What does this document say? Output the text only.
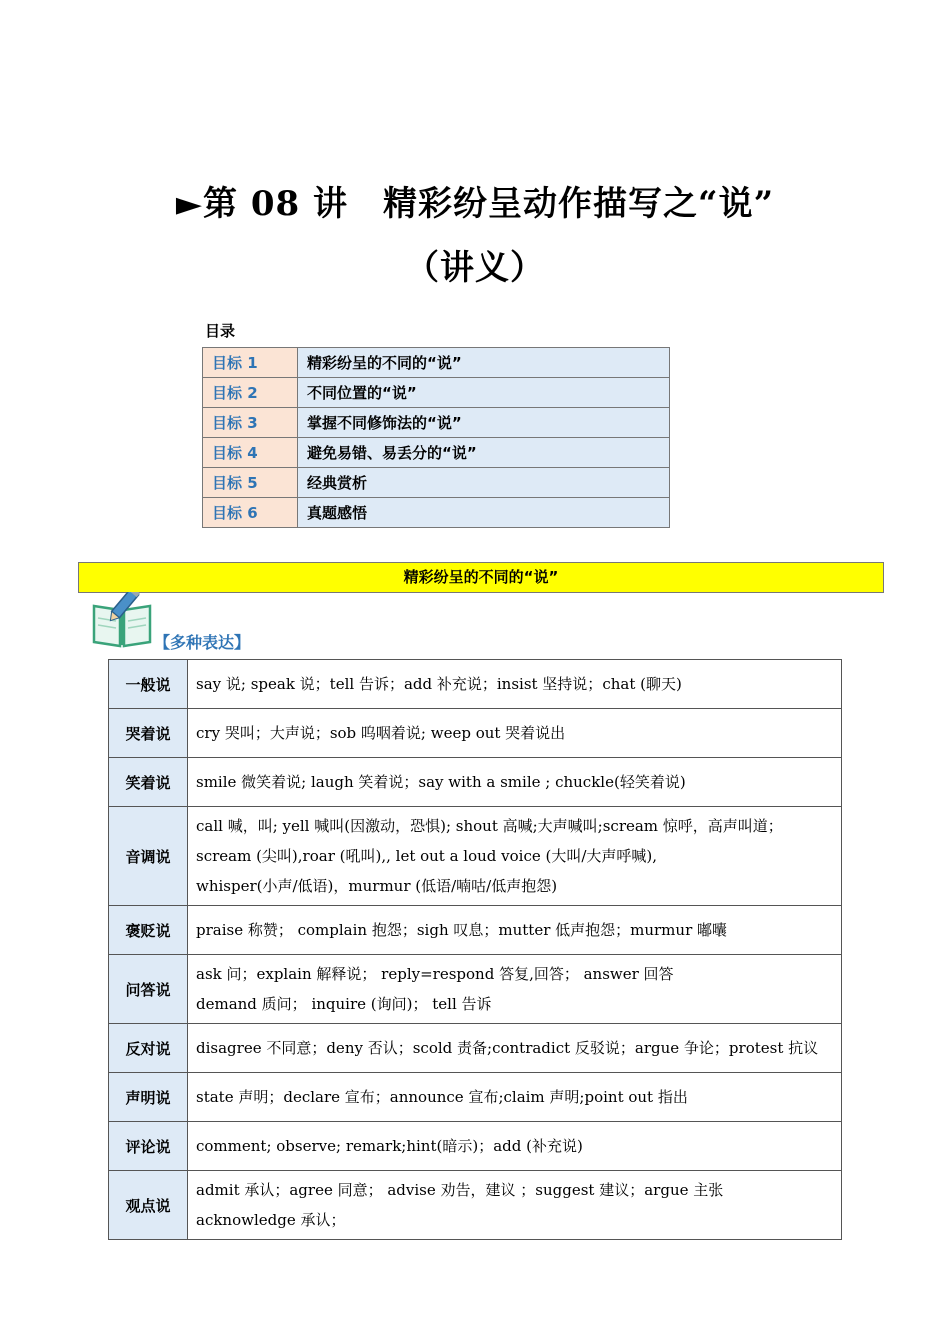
►第 08 讲　精彩纷呈动作描写之“说”
（讲义）
目录
目标 1	精彩纷呈的不同的“说”
目标 2	不同位置的“说”
目标 3	掌握不同修饰法的“说”
目标 4	避免易错、易丢分的“说”
目标 5	经典赏析
目标 6	真题感悟
精彩纷呈的不同的“说”
【多种表达】
一般说	say 说; speak 说；tell 告诉；add 补充说；insist 坚持说；chat (聊天)

哭着说	cry 哭叫；大声说；sob 呜咽着说; weep out 哭着说出

笑着说	smile 微笑着说; laugh 笑着说；say with a smile ; chuckle(轻笑着说)

音调说	call 喊，叫; yell 喊叫(因激动，恐惧); shout 高喊;大声喊叫;scream 惊呼，高声叫道；
scream (尖叫),roar (吼叫),, let out a loud voice (大叫/大声呼喊),
whisper(小声/低语)，murmur (低语/喃咕/低声抱怨)

褒贬说	praise 称赞； complain 抱怨；sigh 叹息；mutter 低声抱怨；murmur 嘟囔

问答说	ask 问；explain 解释说； reply=respond 答复,回答； answer 回答
demand 质问； inquire (询问)； tell 告诉

反对说	disagree 不同意；deny 否认；scold 责备;contradict 反驳说；argue 争论；protest 抗议

声明说	state 声明；declare 宣布；announce 宣布;claim 声明;point out 指出

评论说	comment; observe; remark;hint(暗示)；add (补充说)

观点说	admit 承认；agree 同意； advise 劝告，建议 ；suggest 建议；argue 主张
acknowledge 承认；
